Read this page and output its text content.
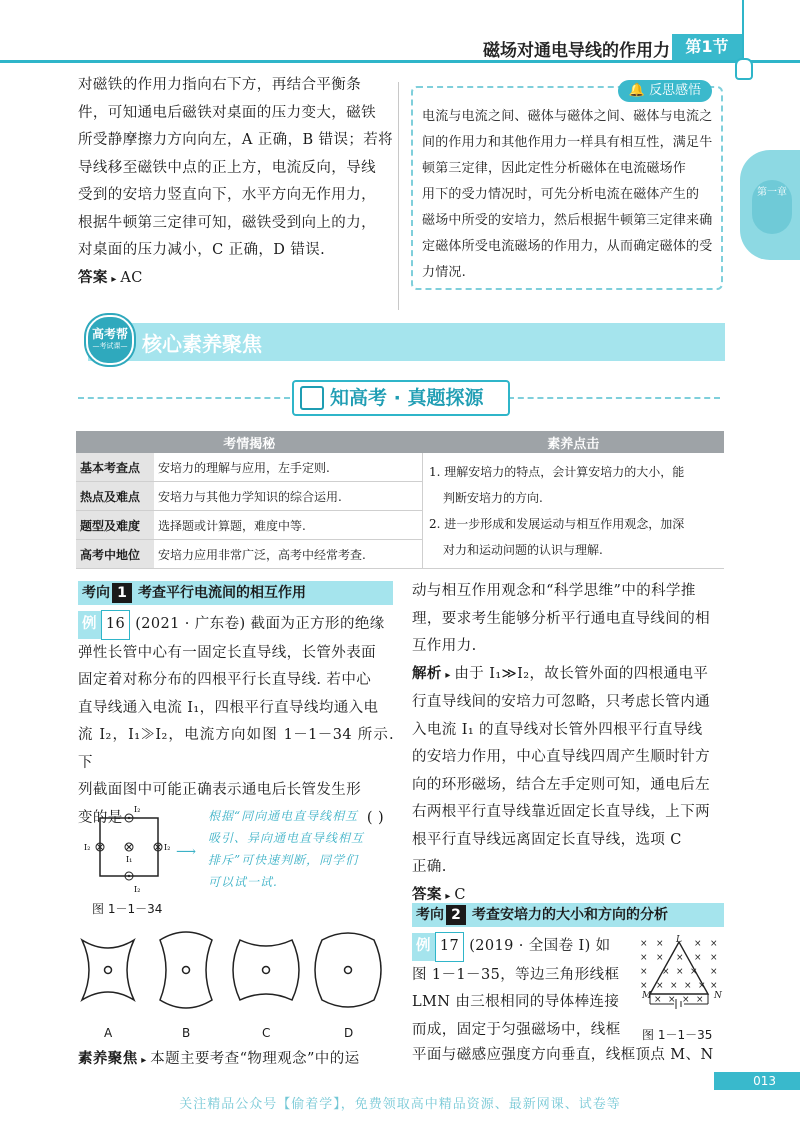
磁场对通电导线的作用力 第1节
第一章
对磁铁的作用力指向右下方，再结合平衡条
件，可知通电后磁铁对桌面的压力变大，磁铁
所受静摩擦力方向向左，A 正确，B 错误；若将
导线移至磁铁中点的正上方，电流反向，导线
受到的安培力竖直向下，水平方向无作用力，
根据牛顿第三定律可知，磁铁受到向上的力，
对桌面的压力减小，C 正确，D 错误.
答案 ▸ AC
🔔 反思感悟
电流与电流之间、磁体与磁体之间、磁体与电流之
间的作用力和其他作用力一样具有相互性，满足牛
顿第三定律，因此定性分析磁体在电流磁场作
用下的受力情况时，可先分析电流在磁体产生的
磁场中所受的安培力，然后根据牛顿第三定律来确
定磁体所受电流磁场的作用力，从而确定磁体的受
力情况.
高考帮
—考试课— 核心素养聚焦
知高考 · 真题探源
考情揭秘		素养点击
基本考查点	安培力的理解与应用，左手定则.	1. 理解安培力的特点，会计算安培力的大小，能
判断安培力的方向.
2. 进一步形成和发展运动与相互作用观念，加深
对力和运动问题的认识与理解.

热点及难点	安培力与其他力学知识的综合运用.	
题型及难度	选择题或计算题，难度中等.	
高考中地位	安培力应用非常广泛，高考中经常考查.	
考向 1 考查平行电流间的相互作用
例 16 (2021 · 广东卷) 截面为正方形的绝缘
弹性长管中心有一固定长直导线，长管外表面
固定着对称分布的四根平行长直导线. 若中心
直导线通入电流 I₁，四根平行直导线均通入电
流 I₂，I₁≫I₂，电流方向如图 1－1－34 所示. 下
列截面图中可能正确表示通电后长管发生形
变的是	( )
I₂
I₂
I₂	I₂
I₁	⟶
根据“同向通电直导线相互
吸引、异向通电直导线相互
排斥”可快速判断，同学们
可以试一试.
图 1－1－34
A	B	C	D
素养聚焦 ▸ 本题主要考查“物理观念”中的运
动与相互作用观念和“科学思维”中的科学推
理，要求考生能够分析平行通电直导线间的相
互作用力.
解析 ▸ 由于 I₁≫I₂，故长管外面的四根通电平
行直导线间的安培力可忽略，只考虑长管内通
入电流 I₁ 的直导线对长管外四根平行直导线
的安培力作用，中心直导线四周产生顺时针方
向的环形磁场，结合左手定则可知，通电后左
右两根平行直导线靠近固定长直导线，上下两
根平行直导线远离固定长直导线，选项 C
正确.
答案 ▸ C
考向 2 考查安培力的大小和方向的分析
例 17 (2019 · 全国卷 Ⅰ) 如
图 1－1－35，等边三角形线框
LMN 由三根相同的导体棒连接
而成，固定于匀强磁场中，线框
平面与磁感应强度方向垂直，线框顶点 M、N
× ×	× ×
× × × × ×
× × × × ×
× × × × × ×
× × × ×
L
M	N
图 1－1－35
013
关注精品公众号【偷着学】，免费领取高中精品资源、最新网课、试卷等
